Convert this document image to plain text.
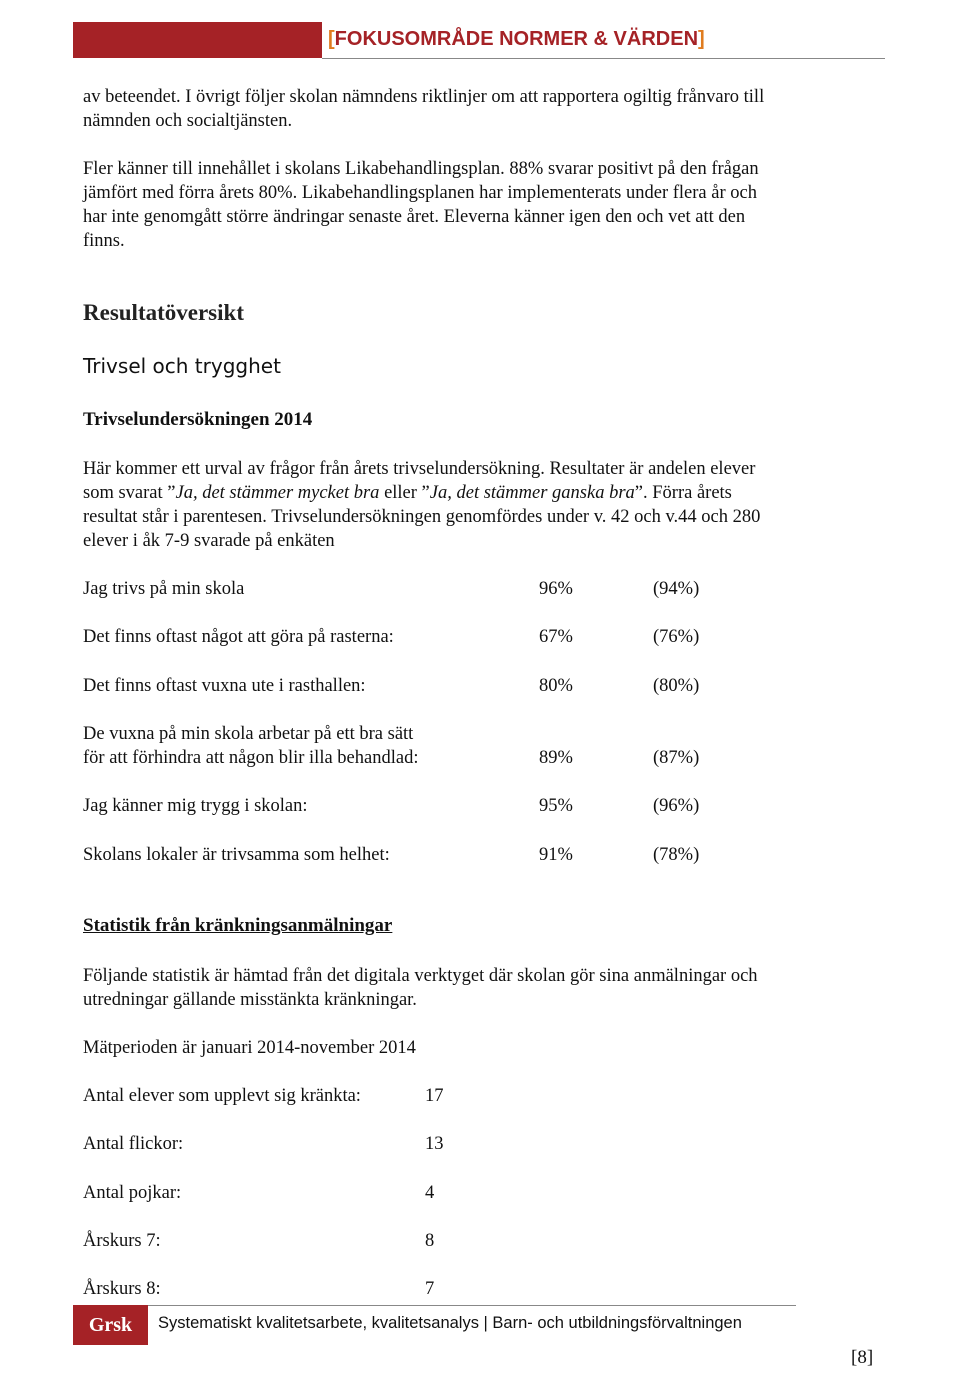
[FOKUSOMRÅDE NORMER & VÄRDEN]
av beteendet. I övrigt följer skolan nämndens riktlinjer om att rapportera ogiltig frånvaro till
nämnden och socialtjänsten.
Fler känner till innehållet i skolans Likabehandlingsplan. 88% svarar positivt på den frågan
jämfört med förra årets 80%. Likabehandlingsplanen har implementerats under flera år och
har inte genomgått större ändringar senaste året. Eleverna känner igen den och vet att den
finns.
Resultatöversikt
Trivsel och trygghet
Trivselundersökningen 2014
Här kommer ett urval av frågor från årets trivselundersökning. Resultater är andelen elever
som svarat ”Ja, det stämmer mycket bra eller ”Ja, det stämmer ganska bra”. Förra årets
resultat står i parentesen. Trivselundersökningen genomfördes under v. 42 och v.44 och 280
elever i åk 7-9 svarade på enkäten
Jag trivs på min skola	96%	(94%)
Det finns oftast något att göra på rasterna:	67%	(76%)
Det finns oftast vuxna ute i rasthallen:	80%	(80%)
De vuxna på min skola arbetar på ett bra sätt
för att förhindra att någon blir illa behandlad:	89%	(87%)
Jag känner mig trygg i skolan:	95%	(96%)
Skolans lokaler är trivsamma som helhet:	91%	(78%)
Statistik från kränkningsanmälningar
Följande statistik är hämtad från det digitala verktyget där skolan gör sina anmälningar och
utredningar gällande misstänkta kränkningar.
Mätperioden är januari 2014-november 2014
Antal elever som upplevt sig kränkta:	17
Antal flickor:	13
Antal pojkar:	4
Årskurs 7:	8
Årskurs 8:	7
Grsk	Systematiskt kvalitetsarbete, kvalitetsanalys | Barn- och utbildningsförvaltningen
[8]
